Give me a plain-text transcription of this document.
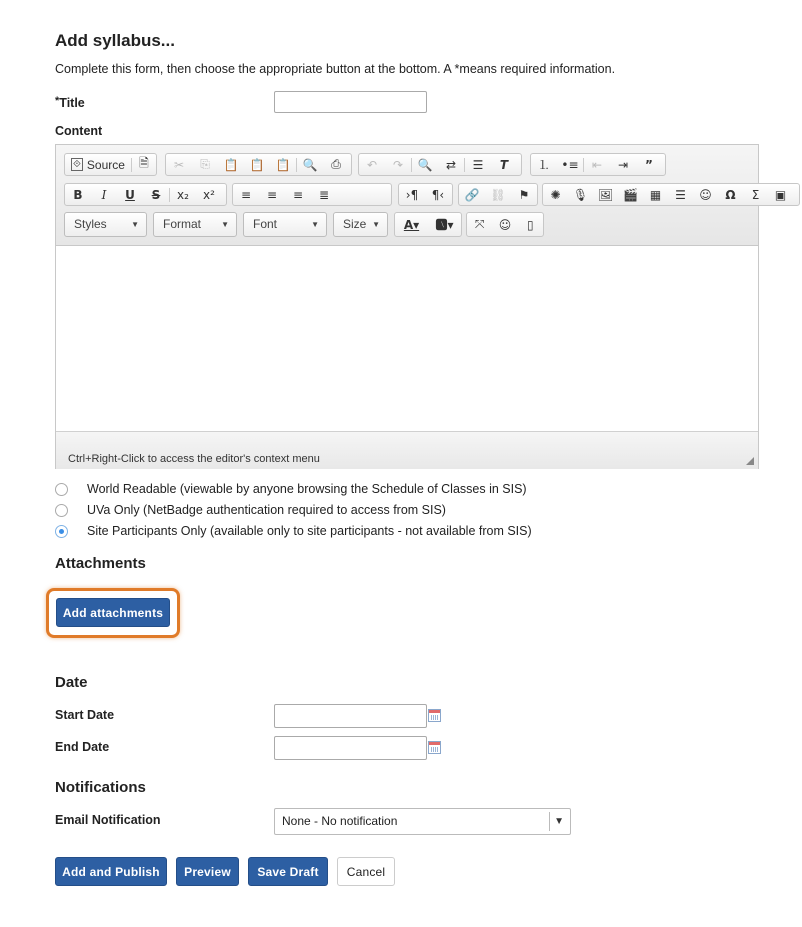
Add syllabus...
Complete this form, then choose the appropriate button at the bottom. A *means required information.
*Title
Content
⟐ Source 🗎 ✂ ⎘ 📋 📋 📋 🔍 ⎙ ↶ ↷ 🔍 ⇄ ☰ T ⒈ •≡ ⇤ ⇥ ”
B I U S x₂ x² ≡ ≡ ≡ ≣	›¶ ¶‹ 🔗 ⛓ ⚑ ✺ 🎙 🖼 🎬 ▦ ☰ ☺ Ω Σ ▣
Styles	▼	Format	▼	Font	▼	Size ▼ A▾ 🅰▾ ⤧ ☺ ▯
Ctrl+Right-Click to access the editor's context menu
World Readable (viewable by anyone browsing the Schedule of Classes in SIS)
UVa Only (NetBadge authentication required to access from SIS)
Site Participants Only (available only to site participants - not available from SIS)
Attachments
Add attachments
Date
Start Date
End Date
Notifications
Email Notification	None - No notification	▼
Add and Publish	Preview	Save Draft	Cancel
